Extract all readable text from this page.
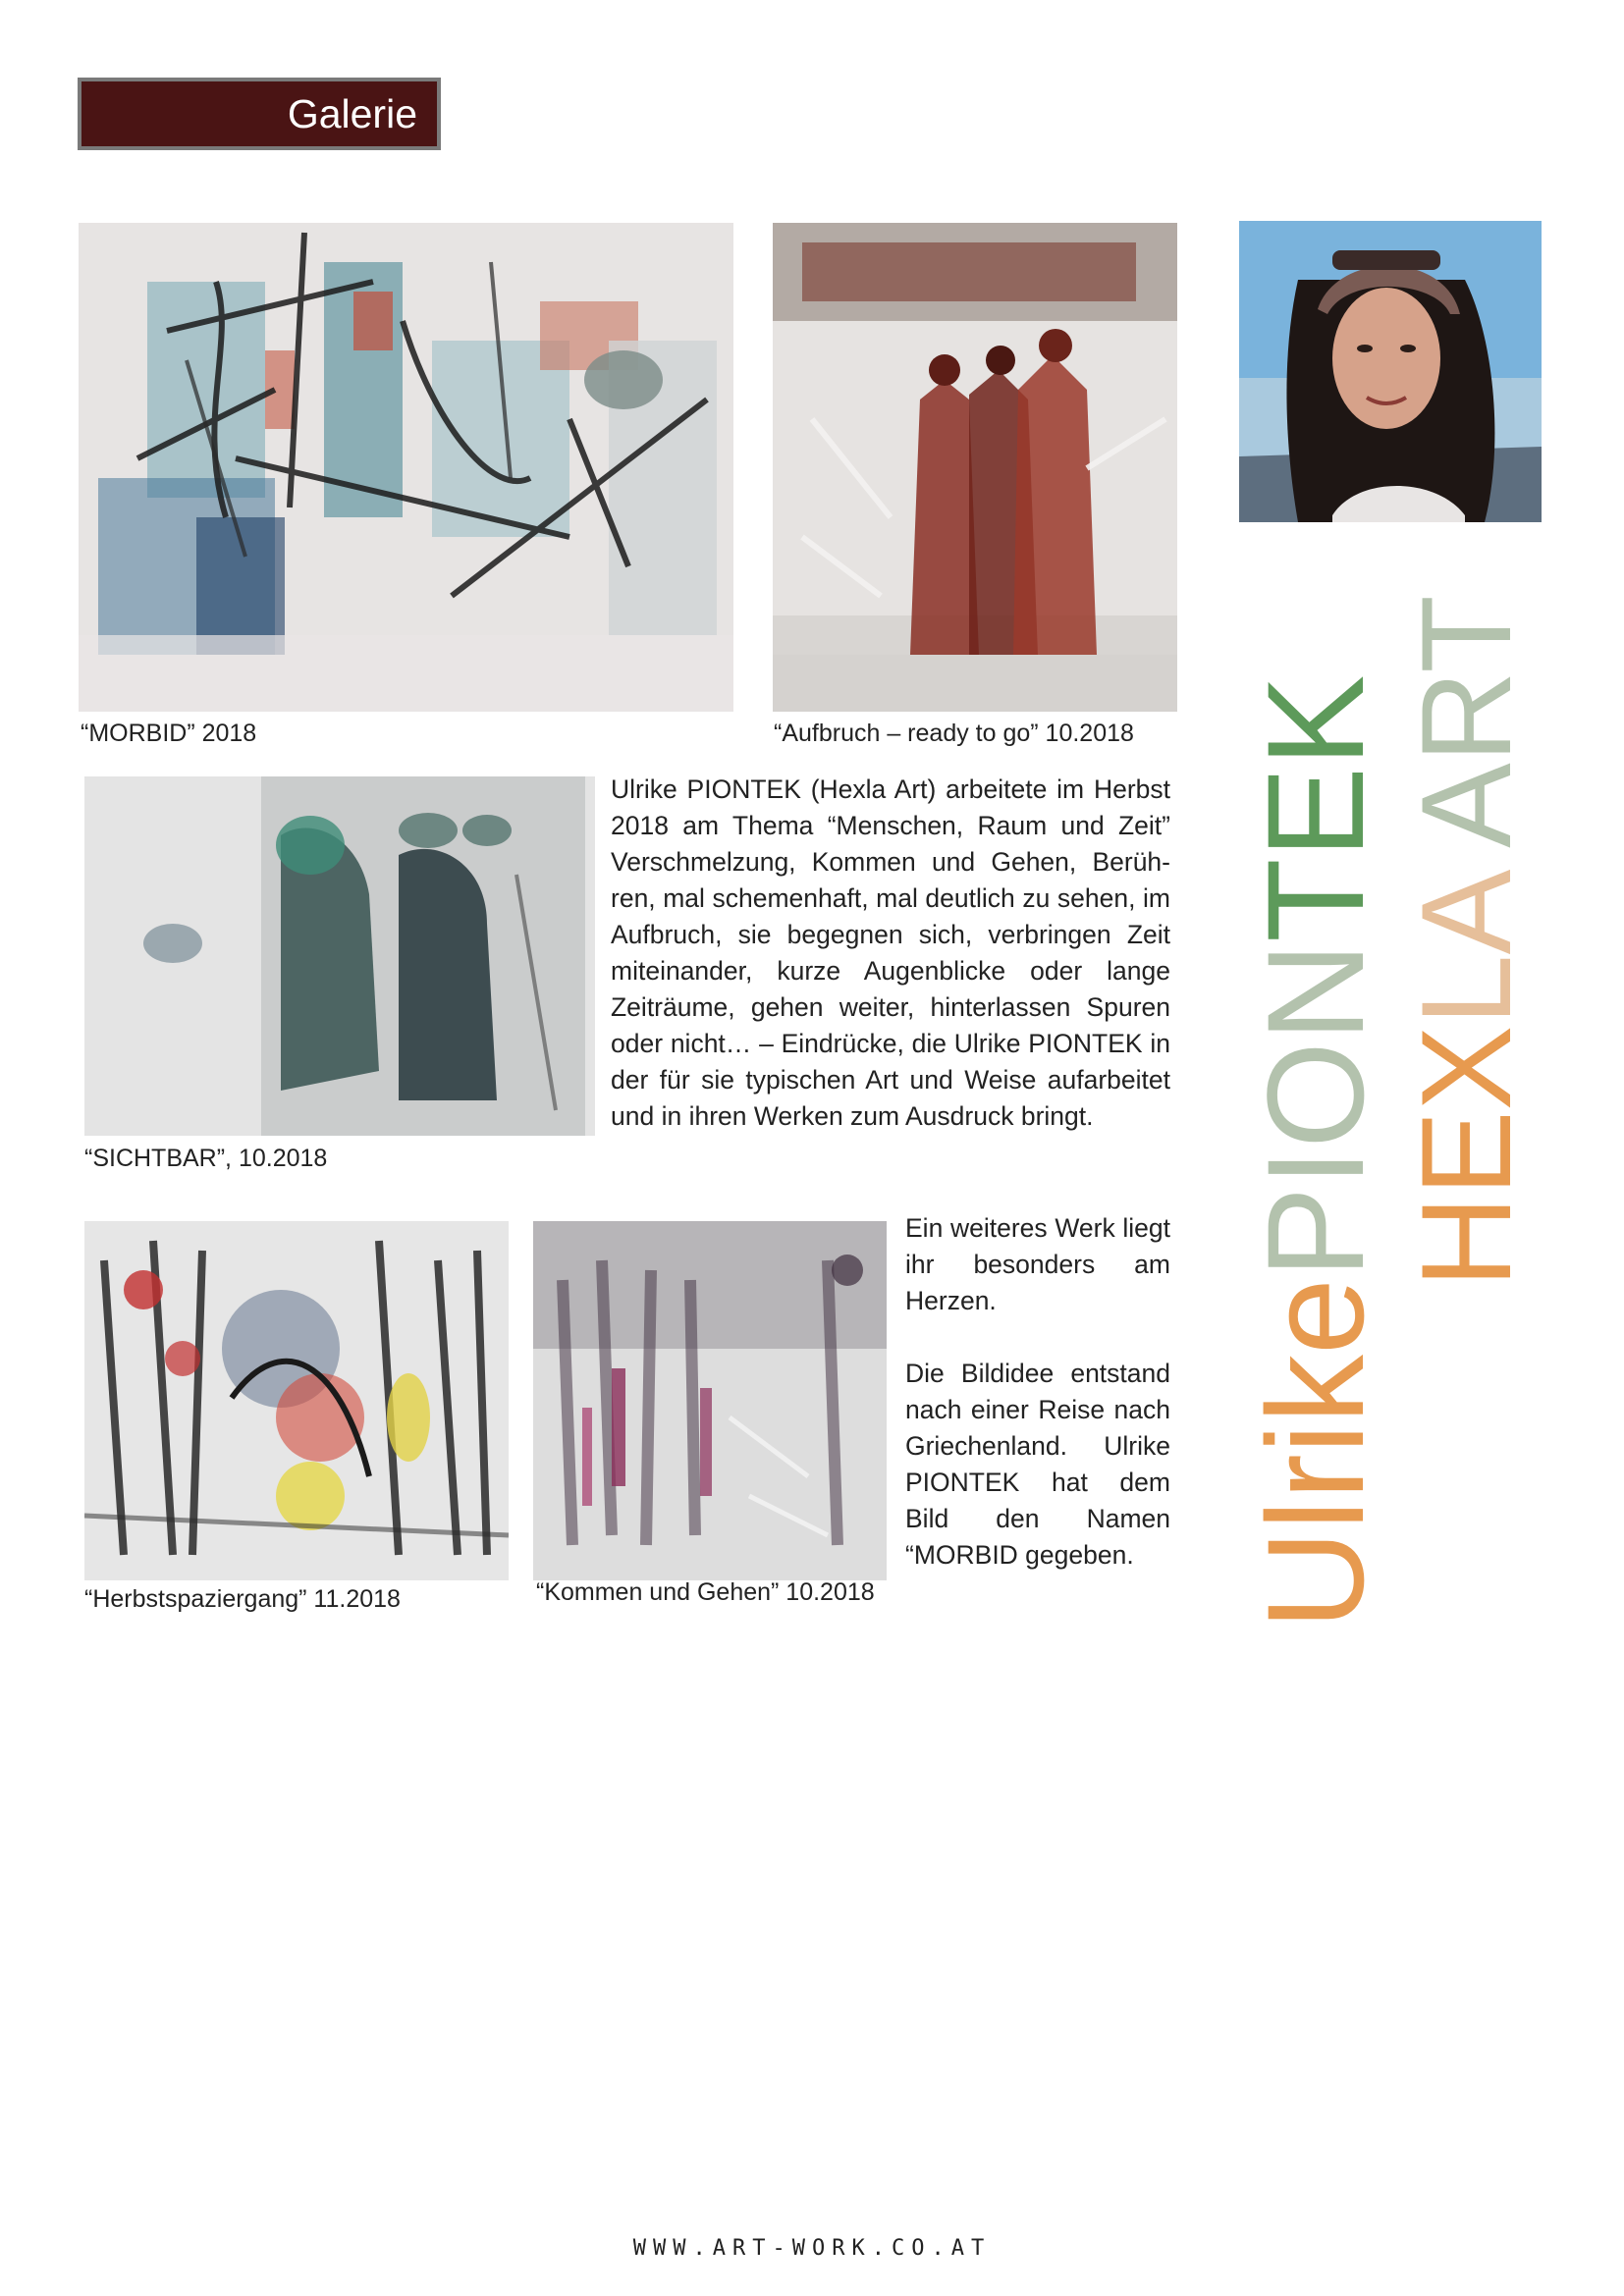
Galerie
“MORBID” 2018	“Aufbruch – ready to go” 10.2018
UlrikePIONTEK
HEXLA ART
“SICHTBAR”, 10.2018

Ulrike PIONTEK (Hexla Art) arbeitete im Herbst 2018 am Thema “Menschen, Raum und Zeit” Verschmelzung, Kommen und Gehen, Berüh-ren, mal schemenhaft, mal deutlich zu sehen, im Aufbruch, sie begegnen sich, verbringen Zeit miteinander, kurze Augenblicke oder lange Zeiträume, gehen weiter, hinterlassen Spuren oder nicht… – Eindrücke, die Ulrike PIONTEK in der für sie typischen Art und Weise aufarbeitet und in ihren Werken zum Ausdruck bringt.

“Herbstspaziergang” 11.2018	“Kommen und Gehen” 10.2018

Ein weiteres Werk liegt ihr besonders am Herzen.

Die Bildidee entstand nach einer Reise nach Griechenland. Ulrike PIONTEK hat dem Bild den Namen “MORBID gegeben.

WWW.ART-WORK.CO.AT
